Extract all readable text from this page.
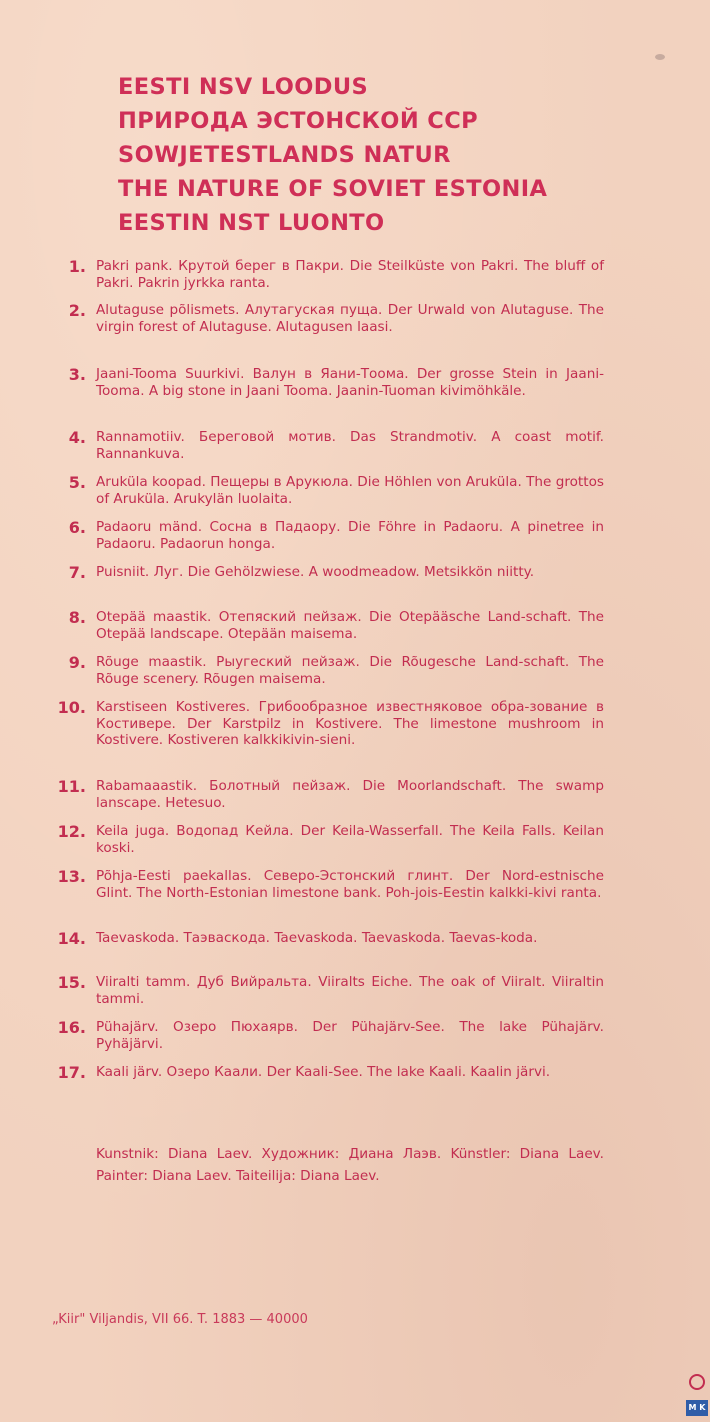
EESTI NSV LOODUS
ПРИРОДА ЭСТОНСКОЙ ССР
SOWJETESTLANDS NATUR
THE NATURE OF SOVIET ESTONIA
EESTIN NST LUONTO
1. Pakri pank. Крутой берег в Пакри. Die Steilküste von Pakri. The bluff of Pakri. Pakrin jyrkka ranta.
2. Alutaguse põlismets. Алутагуская пуща. Der Urwald von Alutaguse. The virgin forest of Alutaguse. Alutagusen laasi.
3. Jaani-Tooma Suurkivi. Валун в Яани-Тоома. Der grosse Stein in Jaani-Tooma. A big stone in Jaani Tooma. Jaanin-Tuoman kivimöhkäle.
4. Rannamotiiv. Береговой мотив. Das Strandmotiv. A coast motif. Rannankuva.
5. Aruküla koopad. Пещеры в Арукюла. Die Höhlen von Aruküla. The grottos of Aruküla. Arukylän luolaita.
6. Padaoru mänd. Сосна в Падаору. Die Föhre in Padaoru. A pinetree in Padaoru. Padaorun honga.
7. Puisniit. Луг. Die Gehölzwiese. A woodmeadow. Metsikkön niitty.
8. Otepää maastik. Отепяский пейзаж. Die Otepääsche Land-schaft. The Otepää landscape. Otepään maisema.
9. Rõuge maastik. Рыугеский пейзаж. Die Rõugesche Land-schaft. The Rõuge scenery. Rõugen maisema.
10. Karstiseen Kostiveres. Грибообразное известняковое обра-зование в Костивере. Der Karstpilz in Kostivere. The limestone mushroom in Kostivere. Kostiveren kalkkikivin-sieni.
11. Rabamaaastik. Болотный пейзаж. Die Moorlandschaft. The swamp lanscape. Hetesuo.
12. Keila juga. Водопад Кейла. Der Keila-Wasserfall. The Keila Falls. Keilan koski.
13. Põhja-Eesti paekallas. Северо-Эстонский глинт. Der Nord-estnische Glint. The North-Estonian limestone bank. Poh-jois-Eestin kalkki-kivi ranta.
14. Taevaskoda. Таэваскода. Taevaskoda. Taevaskoda. Taevas-koda.
15. Viiralti tamm. Дуб Вийральта. Viiralts Eiche. The oak of Viiralt. Viiraltin tammi.
16. Pühajärv. Озеро Пюхаярв. Der Pühajärv-See. The lake Pühajärv. Pyhäjärvi.
17. Kaali järv. Озеро Каали. Der Kaali-See. The lake Kaali. Kaalin järvi.
Kunstnik: Diana Laev. Художник: Диана Лаэв. Künstler: Diana Laev. Painter: Diana Laev. Taiteilija: Diana Laev.
„Kiir" Viljandis, VII 66. T. 1883 — 40000
M K
